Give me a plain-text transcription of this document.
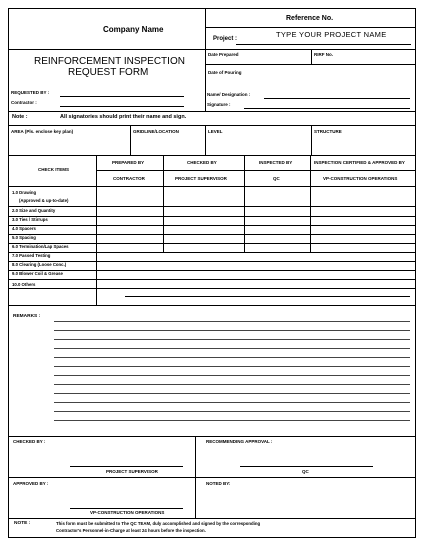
Company Name
Reference No.
Project :	TYPE YOUR PROJECT NAME
REINFORCEMENT INSPECTION
REQUEST FORM
Date Prepared	RIRF No.
Date of Pouring
REQUESTED BY :
Contractor :
Name/ Designation :
Signature :
Note :	All signatories should print their name and sign.
AREA (Pls. enclose key plan)	GRIDLINE/LOCATION	LEVEL	STRUCTURE
CHECK ITEMS
PREPARED BY	CHECKED BY	INSPECTED BY	INSPECTION CERTIFIED & APPROVED BY
CONTRACTOR	PROJECT SUPERVISOR	QC	VP-CONSTRUCTION OPERATIONS
1.0 Drawing
(Approved & up-to-date)
2.0 Size and Quantity
3.0 Ties / Stirrups
4.0 Spacers
5.0 Spacing
6.0 Termination/Lap Spaces
7.0 Passed Testing
8.0 Clearing (Loose Conc.)
9.0 Blower Coil & Grease
10.0 Others
REMARKS :
CHECKED BY :
PROJECT SUPERVISOR
RECOMMENDING APPROVAL :
QC
APPROVED BY :
VP-CONSTRUCTION OPERATIONS
NOTED BY:
NOTE :	This form must be submitted to The QC TEAM, duly accomplished and signed by the corresponding
Contractor's Personnel-in-Charge at least 24 hours before the inspection.
